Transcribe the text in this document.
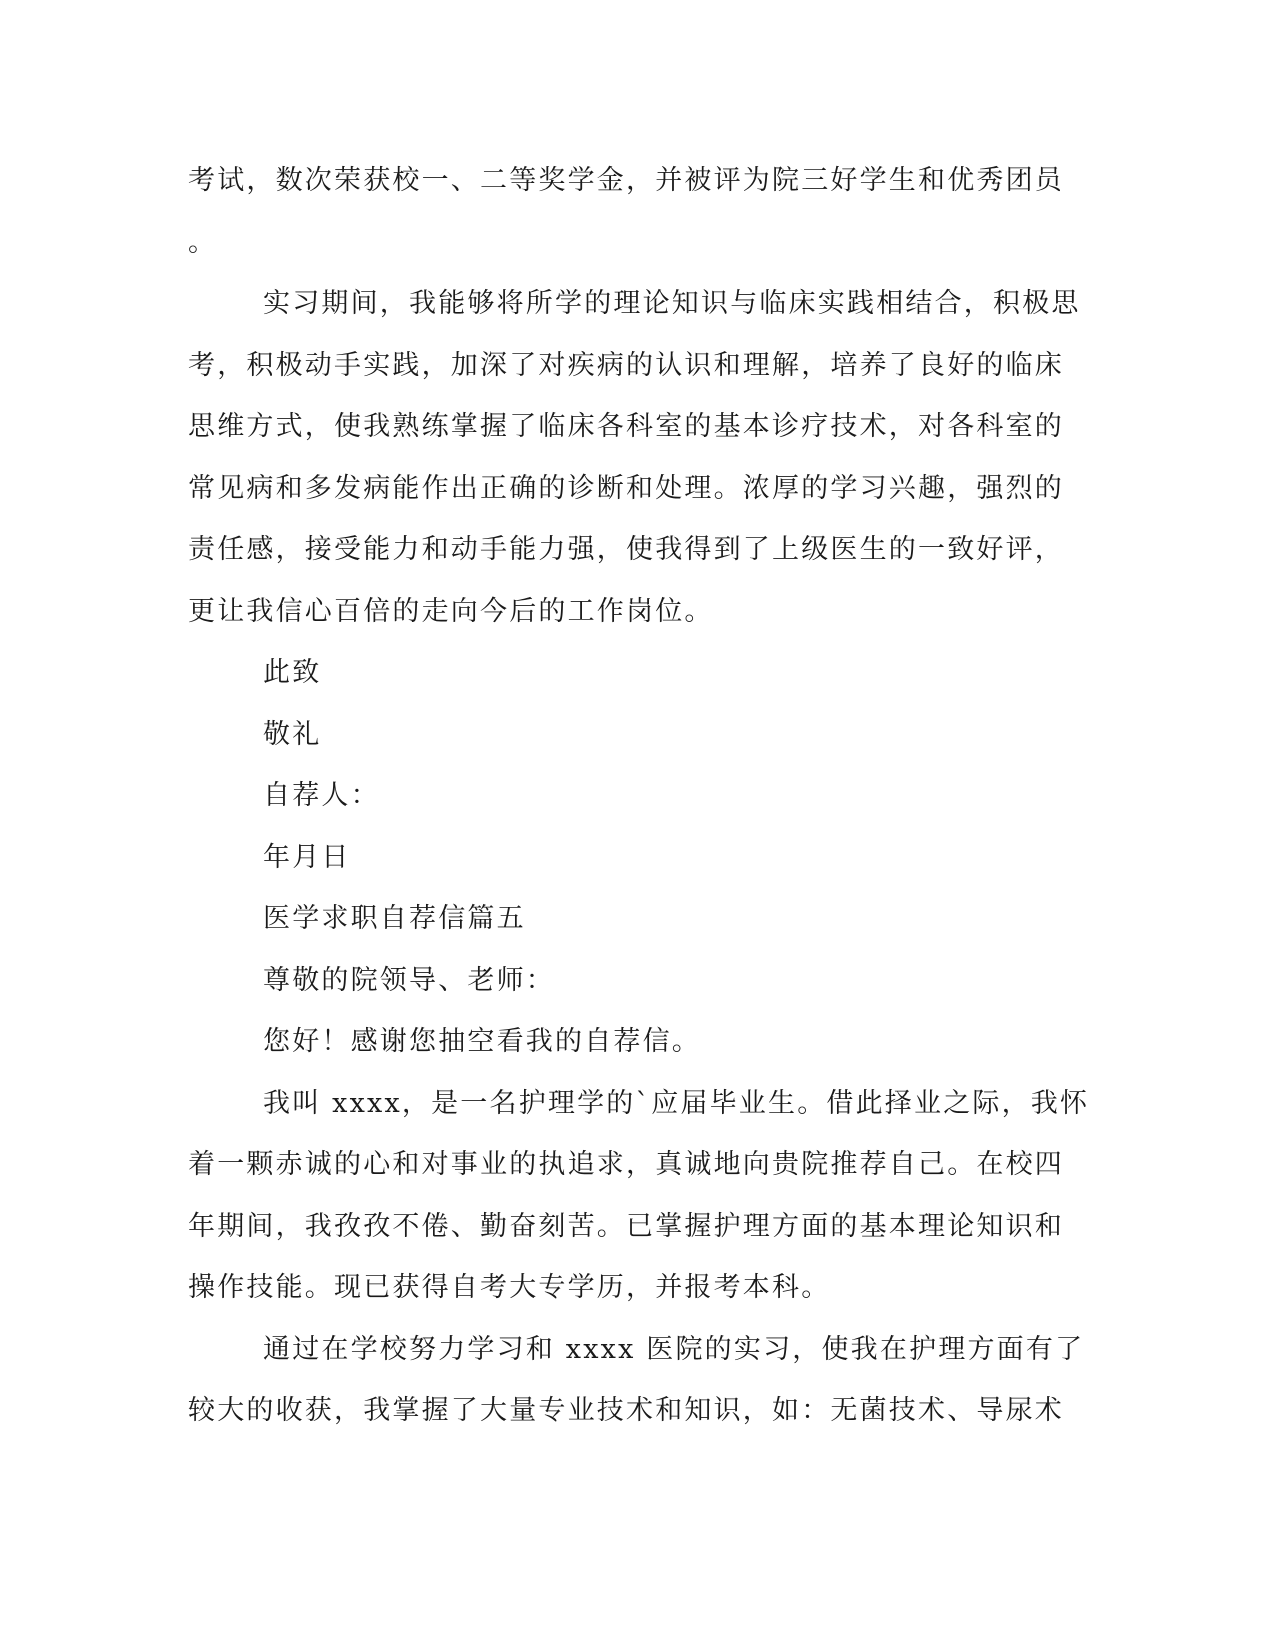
考试，数次荣获校一、二等奖学金，并被评为院三好学生和优秀团员
。
实习期间，我能够将所学的理论知识与临床实践相结合，积极思
考，积极动手实践，加深了对疾病的认识和理解，培养了良好的临床
思维方式，使我熟练掌握了临床各科室的基本诊疗技术，对各科室的
常见病和多发病能作出正确的诊断和处理。浓厚的学习兴趣，强烈的
责任感，接受能力和动手能力强，使我得到了上级医生的一致好评，
更让我信心百倍的走向今后的工作岗位。
此致
敬礼
自荐人：
年月日
医学求职自荐信篇五
尊敬的院领导、老师：
您好！感谢您抽空看我的自荐信。
我叫 xxxx，是一名护理学的`应届毕业生。借此择业之际，我怀
着一颗赤诚的心和对事业的执追求，真诚地向贵院推荐自己。在校四
年期间，我孜孜不倦、勤奋刻苦。已掌握护理方面的基本理论知识和
操作技能。现已获得自考大专学历，并报考本科。
通过在学校努力学习和 xxxx 医院的实习，使我在护理方面有了
较大的收获，我掌握了大量专业技术和知识，如：无菌技术、导尿术
